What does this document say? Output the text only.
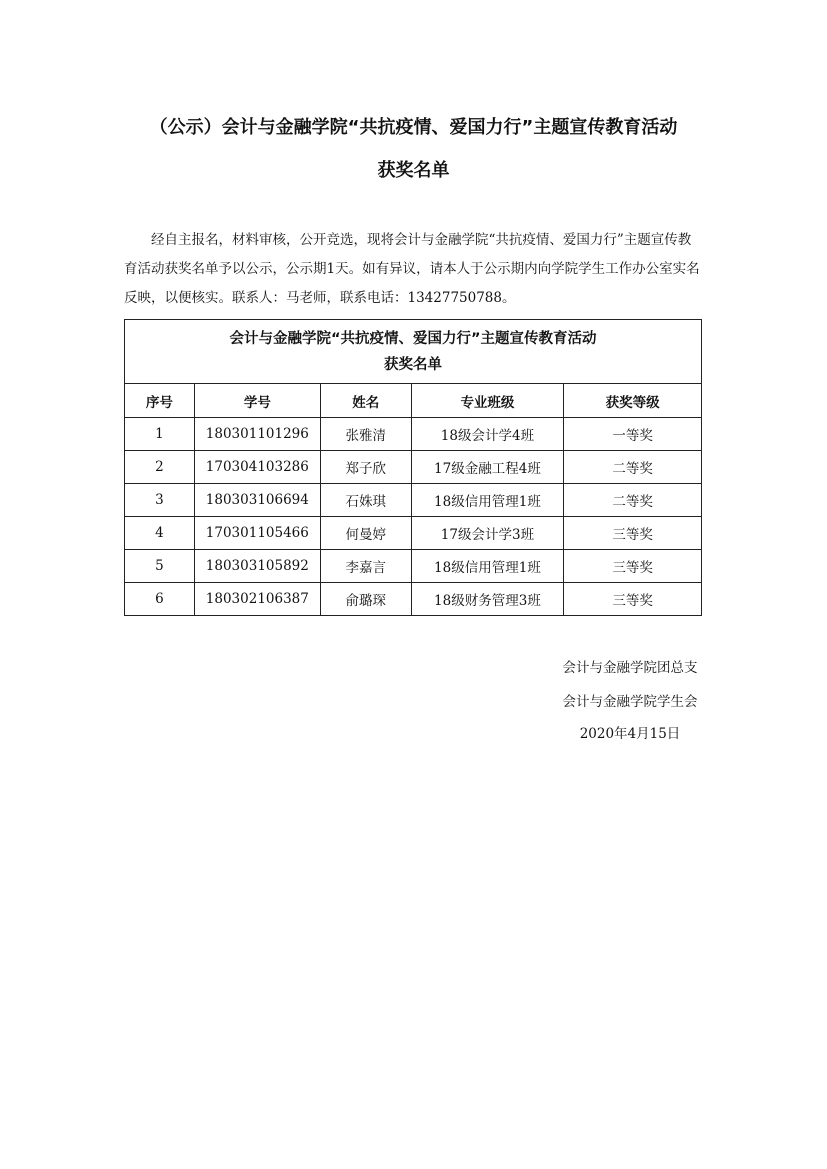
（公示）会计与金融学院“共抗疫情、爱国力行”主题宣传教育活动
获奖名单
经自主报名，材料审核，公开竞选，现将会计与金融学院“共抗疫情、爱国力行”主题宣传教育活动获奖名单予以公示，公示期1天。如有异议，请本人于公示期内向学院学生工作办公室实名反映，以便核实。联系人：马老师，联系电话：13427750788。
会计与金融学院“共抗疫情、爱国力行”主题宣传教育活动
获奖名单				

序号	学号	姓名	专业班级	获奖等级
1	180301101296	张雅清	18级会计学4班	一等奖
2	170304103286	郑子欣	17级金融工程4班	二等奖
3	180303106694	石姝琪	18级信用管理1班	二等奖
4	170301105466	何曼婷	17级会计学3班	三等奖
5	180303105892	李嘉言	18级信用管理1班	三等奖
6	180302106387	俞璐琛	18级财务管理3班	三等奖
会计与金融学院团总支
会计与金融学院学生会
2020年4月15日
